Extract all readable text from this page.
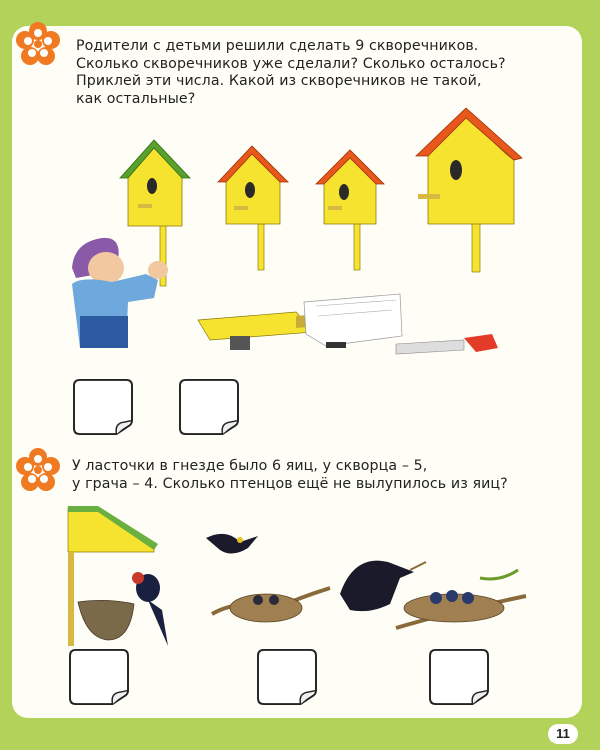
Родители с детьми решили сделать 9 скворечников.
Сколько скворечников уже сделали? Сколько осталось?
Приклей эти числа. Какой из скворечников не такой,
как остальные?
У ласточки в гнезде было 6 яиц, у скворца – 5,
у грача – 4. Сколько птенцов ещё не вылупилось из яиц?
11
